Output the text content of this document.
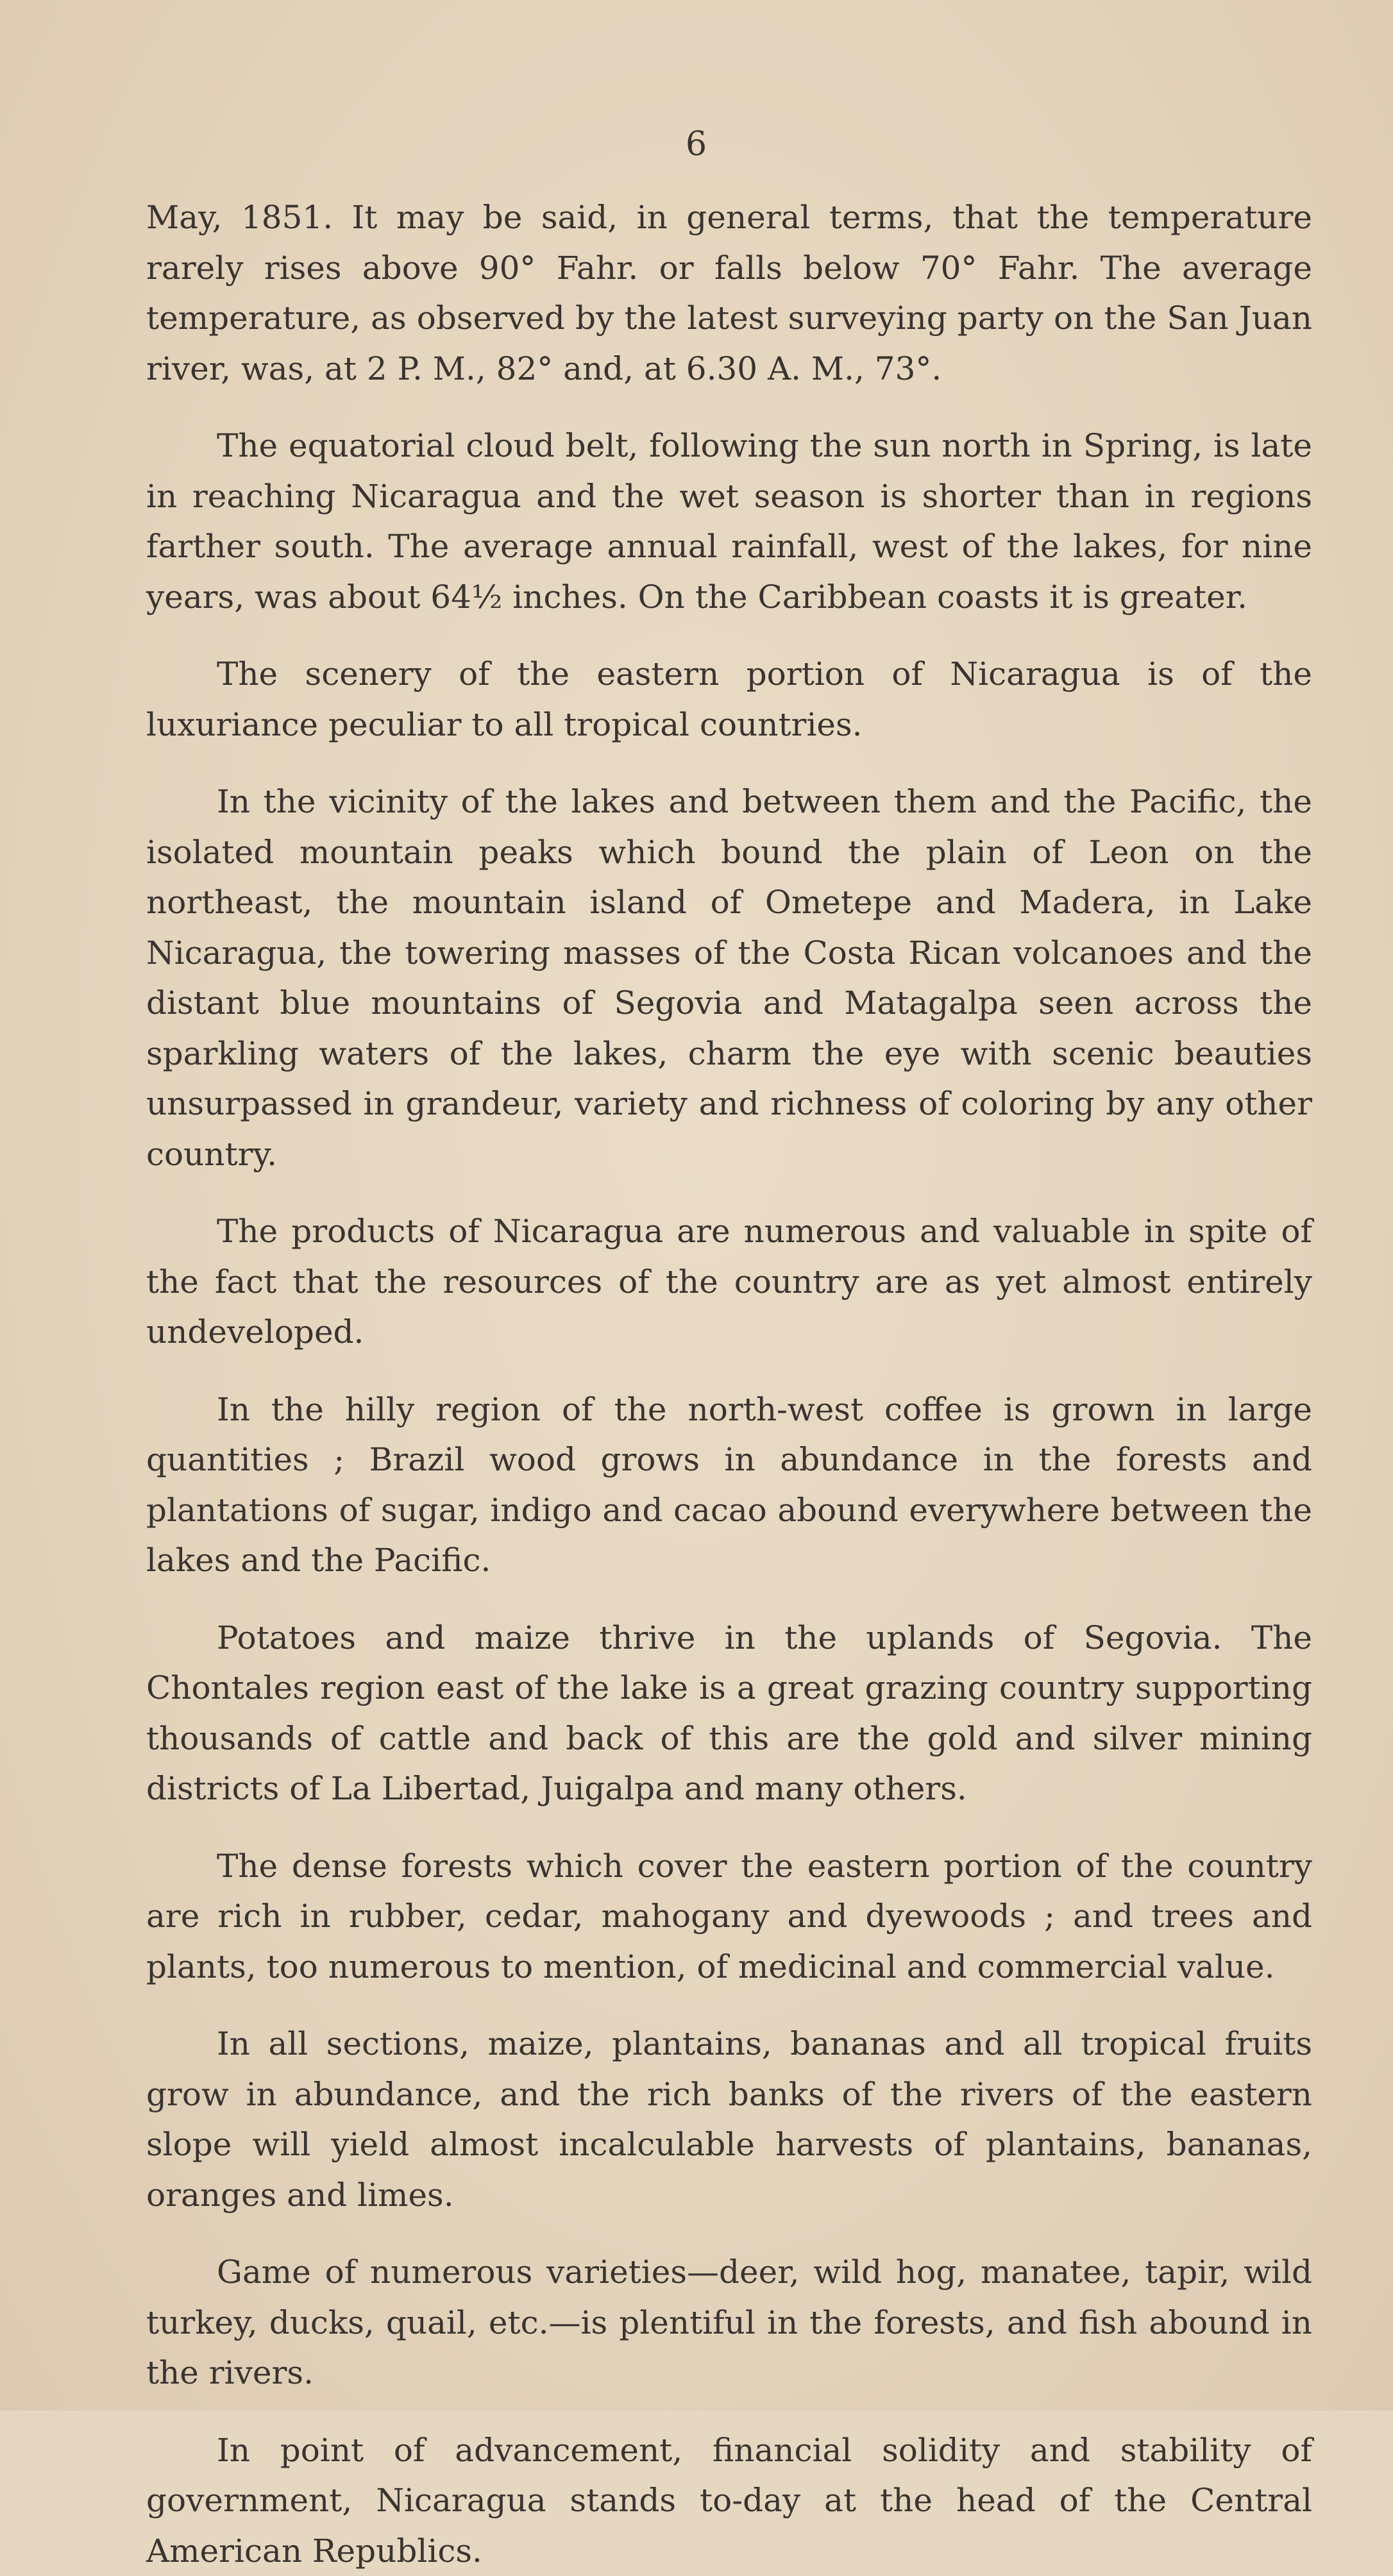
6

May, 1851. It may be said, in general terms, that the temperature rarely rises above 90° Fahr. or falls below 70° Fahr. The average temperature, as observed by the latest surveying party on the San Juan river, was, at 2 P. M., 82° and, at 6.30 A. M., 73°.

The equatorial cloud belt, following the sun north in Spring, is late in reaching Nicaragua and the wet season is shorter than in regions farther south. The average annual rainfall, west of the lakes, for nine years, was about 64½ inches. On the Caribbean coasts it is greater.

The scenery of the eastern portion of Nicaragua is of the luxuriance peculiar to all tropical countries.

In the vicinity of the lakes and between them and the Pacific, the isolated mountain peaks which bound the plain of Leon on the northeast, the mountain island of Ometepe and Madera, in Lake Nicaragua, the towering masses of the Costa Rican volcanoes and the distant blue mountains of Segovia and Matagalpa seen across the sparkling waters of the lakes, charm the eye with scenic beauties unsurpassed in grandeur, variety and richness of coloring by any other country.

The products of Nicaragua are numerous and valuable in spite of the fact that the resources of the country are as yet almost entirely undeveloped.

In the hilly region of the north-west coffee is grown in large quantities ; Brazil wood grows in abundance in the forests and plantations of sugar, indigo and cacao abound everywhere between the lakes and the Pacific.

Potatoes and maize thrive in the uplands of Segovia. The Chontales region east of the lake is a great grazing country supporting thousands of cattle and back of this are the gold and silver mining districts of La Libertad, Juigalpa and many others.

The dense forests which cover the eastern portion of the country are rich in rubber, cedar, mahogany and dyewoods ; and trees and plants, too numerous to mention, of medicinal and commercial value.

In all sections, maize, plantains, bananas and all tropical fruits grow in abundance, and the rich banks of the rivers of the eastern slope will yield almost incalculable harvests of plantains, bananas, oranges and limes.

Game of numerous varieties—deer, wild hog, manatee, tapir, wild turkey, ducks, quail, etc.—is plentiful in the forests, and fish abound in the rivers.

In point of advancement, financial solidity and stability of government, Nicaragua stands to-day at the head of the Central American Republics.
